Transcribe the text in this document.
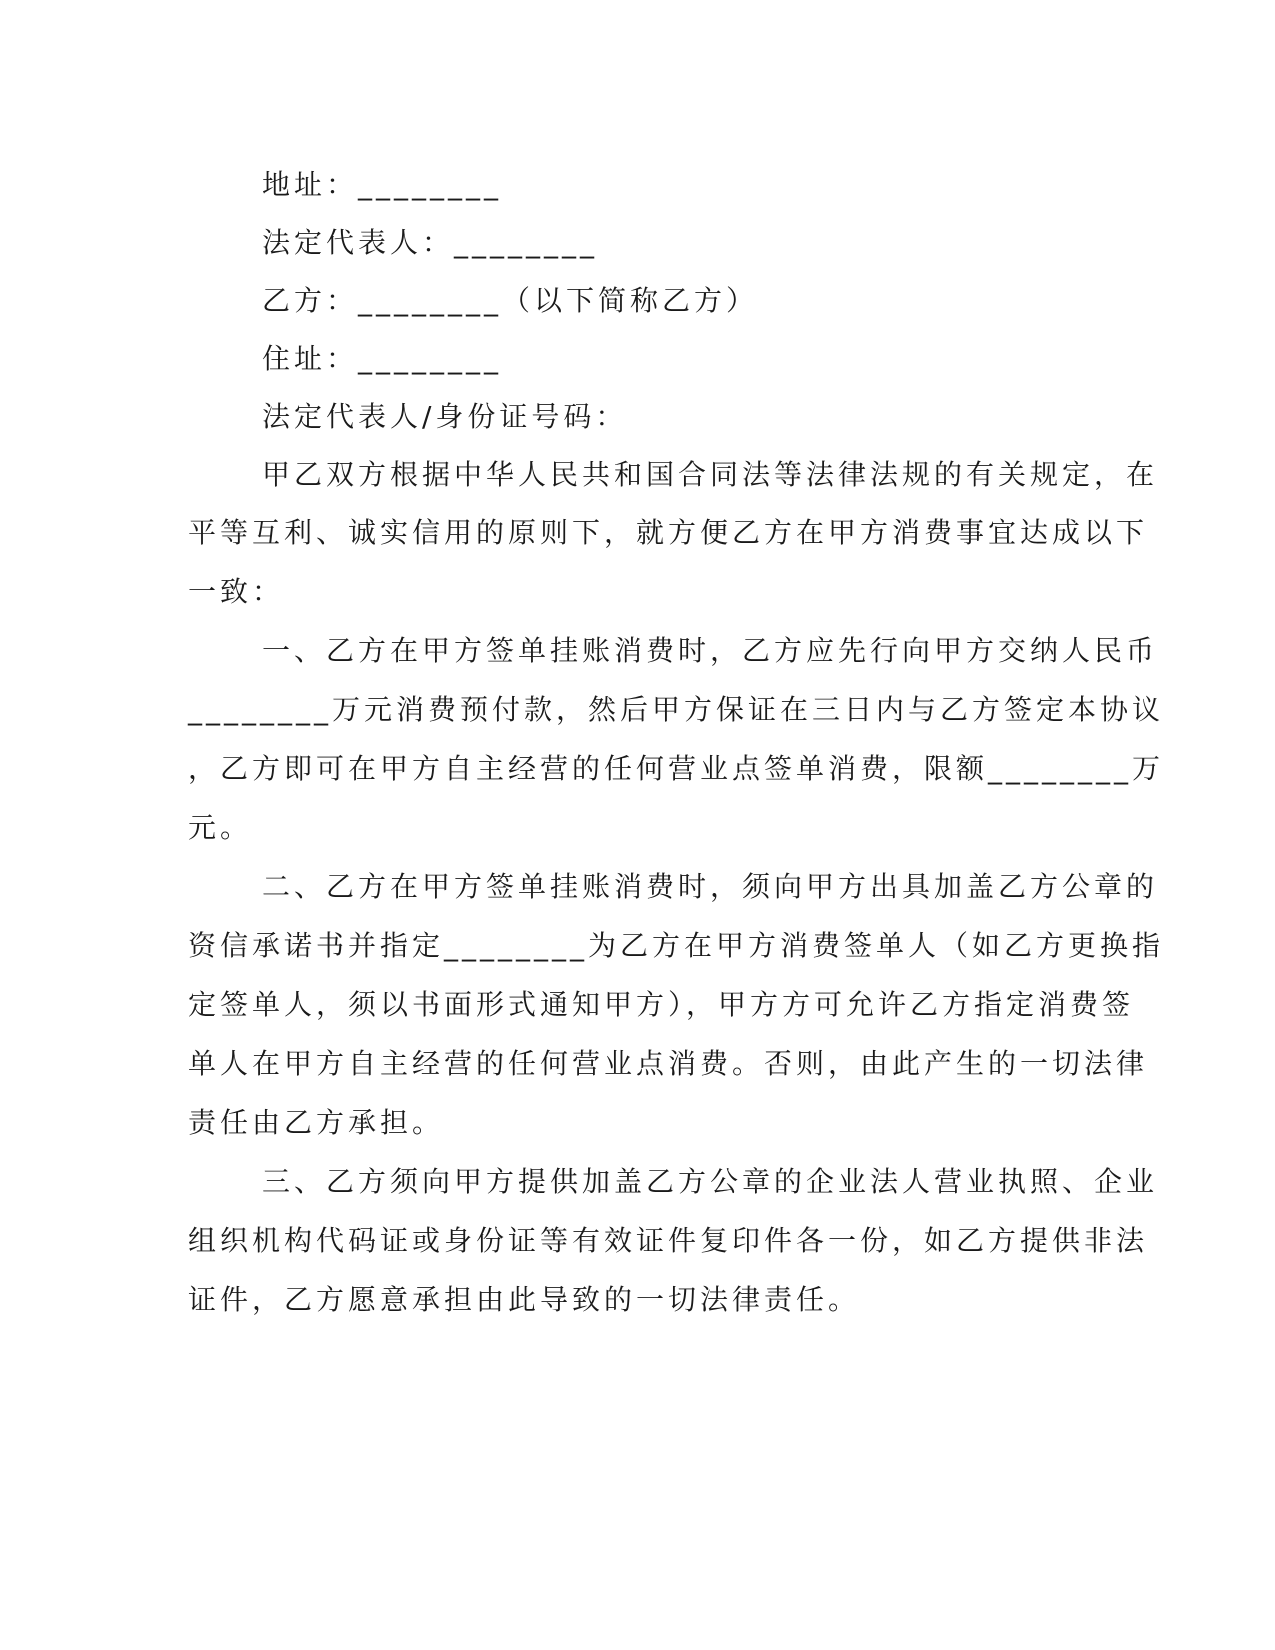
地址：________
法定代表人：________
乙方：________（以下简称乙方）
住址：________
法定代表人/身份证号码：
甲乙双方根据中华人民共和国合同法等法律法规的有关规定，在
平等互利、诚实信用的原则下，就方便乙方在甲方消费事宜达成以下
一致：
一、乙方在甲方签单挂账消费时，乙方应先行向甲方交纳人民币
________万元消费预付款，然后甲方保证在三日内与乙方签定本协议
，乙方即可在甲方自主经营的任何营业点签单消费，限额________万
元。
二、乙方在甲方签单挂账消费时，须向甲方出具加盖乙方公章的
资信承诺书并指定________为乙方在甲方消费签单人（如乙方更换指
定签单人，须以书面形式通知甲方），甲方方可允许乙方指定消费签
单人在甲方自主经营的任何营业点消费。否则，由此产生的一切法律
责任由乙方承担。
三、乙方须向甲方提供加盖乙方公章的企业法人营业执照、企业
组织机构代码证或身份证等有效证件复印件各一份，如乙方提供非法
证件，乙方愿意承担由此导致的一切法律责任。
